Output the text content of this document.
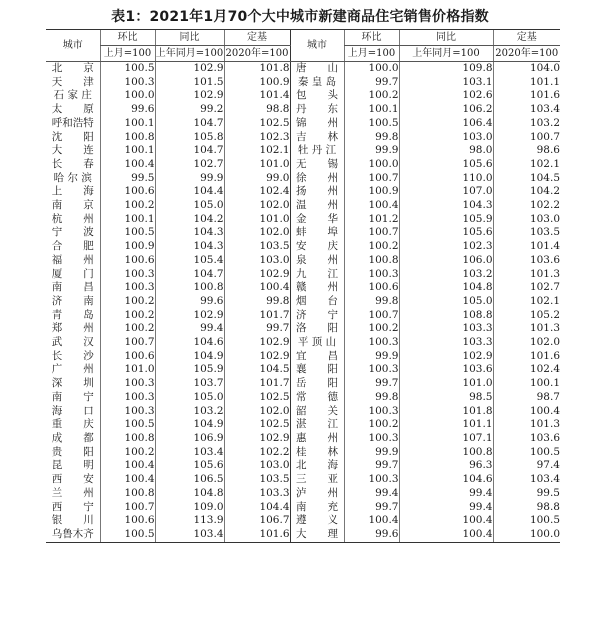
表1：2021年1月70个大中城市新建商品住宅销售价格指数
城市	环比	同比	定基	城市	环比	同比	定基
	上月=100	上年同月=100	2020年=100		上月=100	上年同月=100	2020年=100
北　　京	100.5	102.9	101.8	唐　　山	100.0	109.8	104.0
天　　津	100.3	101.5	100.9	秦 皇 岛	99.7	103.1	101.1
石 家 庄	100.0	102.9	101.4	包　　头	100.2	102.6	101.6
太　　原	99.6	99.2	98.8	丹　　东	100.1	106.2	103.4
呼和浩特	100.1	104.7	102.5	锦　　州	100.5	106.4	103.2
沈　　阳	100.8	105.8	102.3	吉　　林	99.8	103.0	100.7
大　　连	100.1	104.7	102.1	牡 丹 江	99.9	98.0	98.6
长　　春	100.4	102.7	101.0	无　　锡	100.0	105.6	102.1
哈 尔 滨	99.5	99.9	99.0	徐　　州	100.7	110.0	104.5
上　　海	100.6	104.4	102.4	扬　　州	100.9	107.0	104.2
南　　京	100.2	105.0	102.0	温　　州	100.4	104.3	102.2
杭　　州	100.1	104.2	101.0	金　　华	101.2	105.9	103.0
宁　　波	100.5	104.3	102.0	蚌　　埠	100.7	105.6	103.5
合　　肥	100.9	104.3	103.5	安　　庆	100.2	102.3	101.4
福　　州	100.6	105.4	103.0	泉　　州	100.8	106.0	103.6
厦　　门	100.3	104.7	102.9	九　　江	100.3	103.2	101.3
南　　昌	100.3	100.8	100.4	赣　　州	100.6	104.8	102.7
济　　南	100.2	99.6	99.8	烟　　台	99.8	105.0	102.1
青　　岛	100.2	102.9	101.7	济　　宁	100.7	108.8	105.2
郑　　州	100.2	99.4	99.7	洛　　阳	100.2	103.3	101.3
武　　汉	100.7	104.6	102.9	平 顶 山	100.3	103.3	102.0
长　　沙	100.6	104.9	102.9	宜　　昌	99.9	102.9	101.6
广　　州	101.0	105.9	104.5	襄　　阳	100.3	103.6	102.4
深　　圳	100.3	103.7	101.7	岳　　阳	99.7	101.0	100.1
南　　宁	100.3	105.0	102.5	常　　德	99.8	98.5	98.7
海　　口	100.3	103.2	102.0	韶　　关	100.3	101.8	100.4
重　　庆	100.5	104.9	102.5	湛　　江	100.2	101.1	101.3
成　　都	100.8	106.9	102.9	惠　　州	100.3	107.1	103.6
贵　　阳	100.2	103.4	102.2	桂　　林	99.9	100.8	100.5
昆　　明	100.4	105.6	103.0	北　　海	99.7	96.3	97.4
西　　安	100.4	106.5	103.5	三　　亚	100.3	104.6	103.4
兰　　州	100.8	104.8	103.3	泸　　州	99.4	99.4	99.5
西　　宁	100.7	109.0	104.4	南　　充	99.7	99.4	98.8
银　　川	100.6	113.9	106.7	遵　　义	100.4	100.4	100.5
乌鲁木齐	100.5	103.4	101.6	大　　理	99.6	100.4	100.0
